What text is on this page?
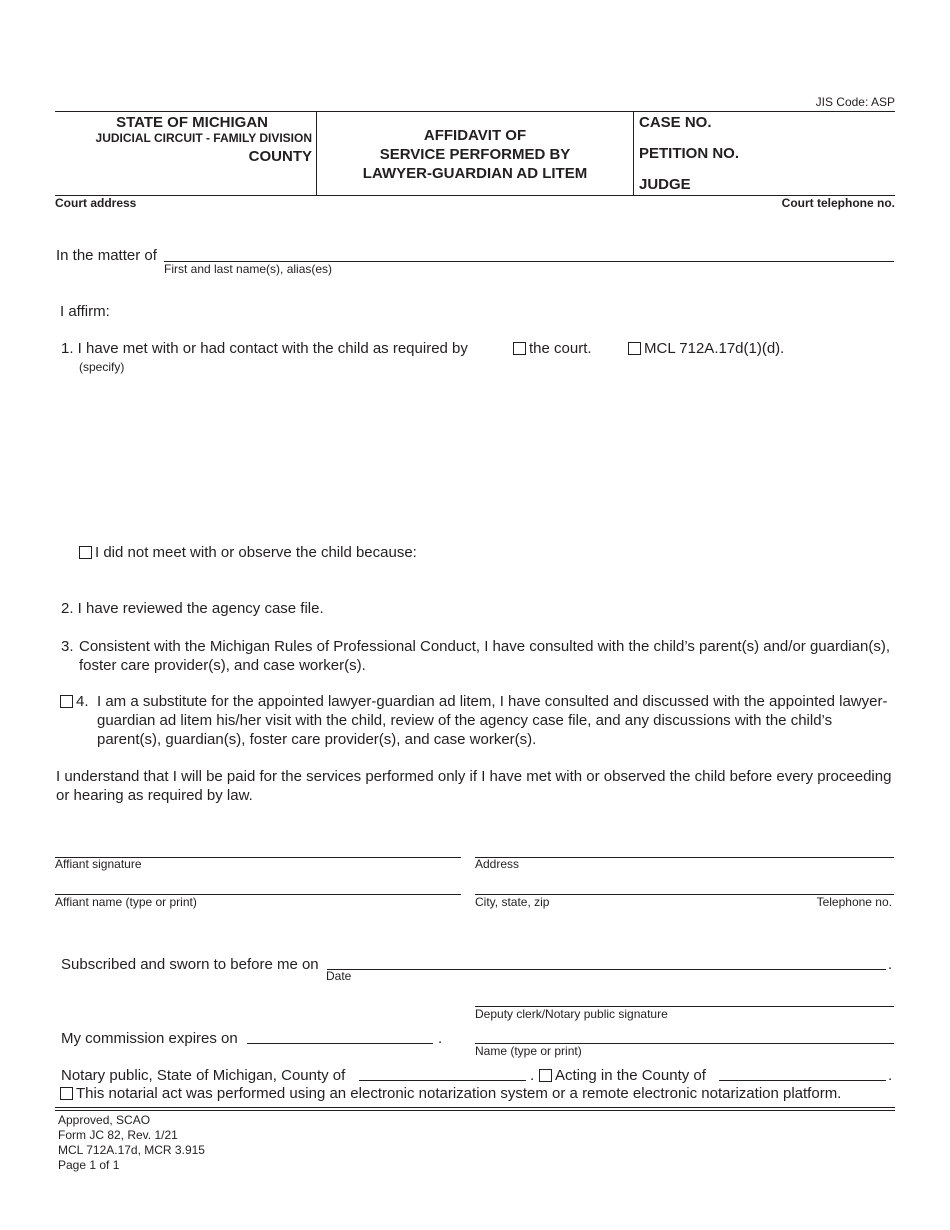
JIS Code: ASP
STATE OF MICHIGAN
JUDICIAL CIRCUIT - FAMILY DIVISION
COUNTY
AFFIDAVIT OF
SERVICE PERFORMED BY
LAWYER-GUARDIAN AD LITEM
CASE NO.
PETITION NO.
JUDGE
Court address	Court telephone no.
In the matter of
First and last name(s), alias(es)
I affirm:
1. I have met with or had contact with the child as required by	the court.	MCL 712A.17d(1)(d).
(specify)
I did not meet with or observe the child because:
2. I have reviewed the agency case file.
3. Consistent with the Michigan Rules of Professional Conduct, I have consulted with the child’s parent(s) and/or guardian(s), foster care provider(s), and case worker(s).
4. I am a substitute for the appointed lawyer-guardian ad litem, I have consulted and discussed with the appointed lawyer-guardian ad litem his/her visit with the child, review of the agency case file, and any discussions with the child’s parent(s), guardian(s), foster care provider(s), and case worker(s).
I understand that I will be paid for the services performed only if I have met with or observed the child before every proceeding or hearing as required by law.
Affiant signature	Address
Affiant name (type or print)	City, state, zip	Telephone no.
Subscribed and sworn to before me on	.
Date
Deputy clerk/Notary public signature
My commission expires on	.
Name (type or print)
Notary public, State of Michigan, County of	.	Acting in the County of	.
This notarial act was performed using an electronic notarization system or a remote electronic notarization platform.
Approved, SCAO
Form JC 82, Rev. 1/21
MCL 712A.17d, MCR 3.915
Page 1 of 1
